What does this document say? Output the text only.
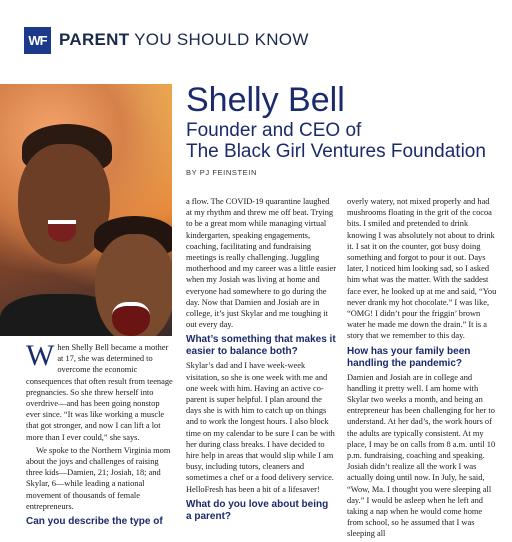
WF PARENT YOU SHOULD KNOW
Shelly Bell
Founder and CEO of
The Black Girl Ventures Foundation
BY PJ FEINSTEIN

When Shelly Bell became a mother at 17, she was determined to overcome the economic consequences that often result from teenage pregnancies. So she threw herself into overdrive—and has been going nonstop ever since. “It was like working a muscle that got stronger, and now I can lift a lot more than I ever could,” she says.

We spoke to the Northern Virginia mom about the joys and challenges of raising three kids—Damien, 21; Josiah, 18; and Skylar, 6—while leading a national movement of thousands of female entrepreneurs.

Can you describe the type of

a flow. The COVID-19 quarantine laughed at my rhythm and threw me off beat. Trying to be a great mom while managing virtual kindergarten, speaking engagements, coaching, facilitating and fundraising meetings is really challenging. Juggling motherhood and my career was a little easier when my Josiah was living at home and everyone had somewhere to go during the day. Now that Damien and Josiah are in college, it’s just Skylar and me toughing it out every day.

What’s something that makes it easier to balance both?

Skylar’s dad and I have week-week visitation, so she is one week with me and one week with him. Having an active co-parent is super helpful. I plan around the days she is with him to catch up on things and to work the longest hours. I also block time on my calendar to be sure I can be with her during class breaks. I have decided to hire help in areas that would slip while I am busy, including tutors, cleaners and sometimes a chef or a food delivery service. HelloFresh has been a bit of a lifesaver!

What do you love about being a parent?

overly watery, not mixed properly and had mushrooms floating in the grit of the cocoa bits. I smiled and pretended to drink knowing I was absolutely not about to drink it. I sat it on the counter, got busy doing something and forgot to pour it out. Days later, I noticed him looking sad, so I asked him what was the matter. With the saddest face ever, he looked up at me and said, “You never drank my hot chocolate.” I was like, “OMG! I didn’t pour the friggin’ brown water he made me down the drain.” It is a story that we remember to this day.

How has your family been handling the pandemic?

Damien and Josiah are in college and handling it pretty well. I am home with Skylar two weeks a month, and being an entrepreneur has been challenging for her to understand. At her dad’s, the work hours of the adults are typically consistent. At my place, I may be on calls from 8 a.m. until 10 p.m. fundraising, coaching and speaking. Josiah didn’t realize all the work I was actually doing until now. In July, he said, “Wow, Ma. I thought you were sleeping all day.” I would be asleep when he left and taking a nap when he would come home from school, so he assumed that I was sleeping all
